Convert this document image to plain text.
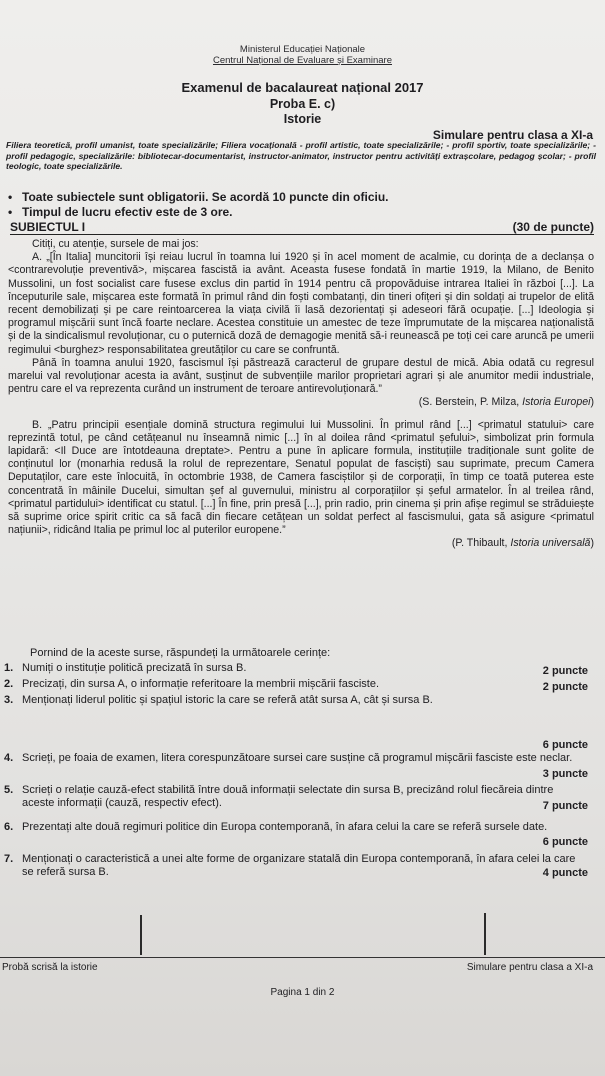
Ministerul Educației Naționale
Centrul Național de Evaluare și Examinare
Examenul de bacalaureat național 2017
Proba E. c)
Istorie
Simulare pentru clasa a XI-a
Filiera teoretică, profil umanist, toate specializările; Filiera vocațională - profil artistic, toate specializările; - profil sportiv, toate specializările; - profil pedagogic, specializările: bibliotecar-documentarist, instructor-animator, instructor pentru activități extrașcolare, pedagog școlar; - profil teologic, toate specializările.
• Toate subiectele sunt obligatorii. Se acordă 10 puncte din oficiu.
• Timpul de lucru efectiv este de 3 ore.
SUBIECTUL I	(30 de puncte)

Citiți, cu atenție, sursele de mai jos:

A. „[În Italia] muncitorii își reiau lucrul în toamna lui 1920 și în acel moment de acalmie, cu dorința de a declanșa o <contrarevoluție preventivă>, mișcarea fascistă ia avânt. Aceasta fusese fondată în martie 1919, la Milano, de Benito Mussolini, un fost socialist care fusese exclus din partid în 1914 pentru că propovăduise intrarea Italiei în război [...]. La începuturile sale, mișcarea este formată în primul rând din foști combatanți, din tineri ofițeri și din soldați ai trupelor de elită recent demobilizați și pe care reintoarcerea la viața civilă îi lasă dezorientați și adeseori fără ocupație. [...] Ideologia și programul mișcării sunt încă foarte neclare. Acestea constituie un amestec de teze împrumutate de la mișcarea naționalistă și de la sindicalismul revoluționar, cu o puternică doză de demagogie menită să-i reunească pe toți cei care aruncă pe umerii regimului <burghez> responsabilitatea greutăților cu care se confruntă.

Până în toamna anului 1920, fascismul își păstrează caracterul de grupare destul de mică. Abia odată cu regresul marelui val revoluționar acesta ia avânt, susținut de subvențiile marilor proprietari agrari și ale anumitor medii industriale, pentru care el va reprezenta curând un instrument de teroare antirevoluționară.”

(S. Berstein, P. Milza, Istoria Europei)

B. „Patru principii esențiale domină structura regimului lui Mussolini. În primul rând [...] <primatul statului> care reprezintă totul, pe când cetățeanul nu înseamnă nimic [...] în al doilea rând <primatul șefului>, simbolizat prin formula lapidară: <Il Duce are întotdeauna dreptate>. Pentru a pune în aplicare formula, instituțiile tradiționale sunt golite de conținutul lor (monarhia redusă la rolul de reprezentare, Senatul populat de fasciști) sau suprimate, precum Camera Deputaților, care este înlocuită, în octombrie 1938, de Camera fasciștilor și de corporații, în timp ce toată puterea este concentrată în mâinile Ducelui, simultan șef al guvernului, ministru al corporațiilor și șeful armatelor. În al treilea rând, <primatul partidului> identificat cu statul. [...] În fine, prin presă [...], prin radio, prin cinema și prin afișe regimul se străduiește să suprime orice spirit critic ca să facă din fiecare cetățean un soldat perfect al fascismului, gata să asigure <primatul națiunii>, ridicând Italia pe primul loc al puterilor europene.”

(P. Thibault, Istoria universală)

Pornind de la aceste surse, răspundeți la următoarele cerințe:
1. Numiți o instituție politică precizată în sursa B.	2 puncte
2. Precizați, din sursa A, o informație referitoare la membrii mișcării fasciste.	2 puncte
3. Menționați liderul politic și spațiul istoric la care se referă atât sursa A, cât și sursa B.
6 puncte
4. Scrieți, pe foaia de examen, litera corespunzătoare sursei care susține că programul mișcării fasciste este neclar.
3 puncte
5. Scrieți o relație cauză-efect stabilită între două informații selectate din sursa B, precizând rolul fiecăreia dintre aceste informații (cauză, respectiv efect).	7 puncte
6. Prezentați alte două regimuri politice din Europa contemporană, în afara celui la care se referă sursele date.
6 puncte
7. Menționați o caracteristică a unei alte forme de organizare statală din Europa contemporană, în afara celei la care se referă sursa B.	4 puncte
Probă scrisă la istorie	Simulare pentru clasa a XI-a
Pagina 1 din 2
